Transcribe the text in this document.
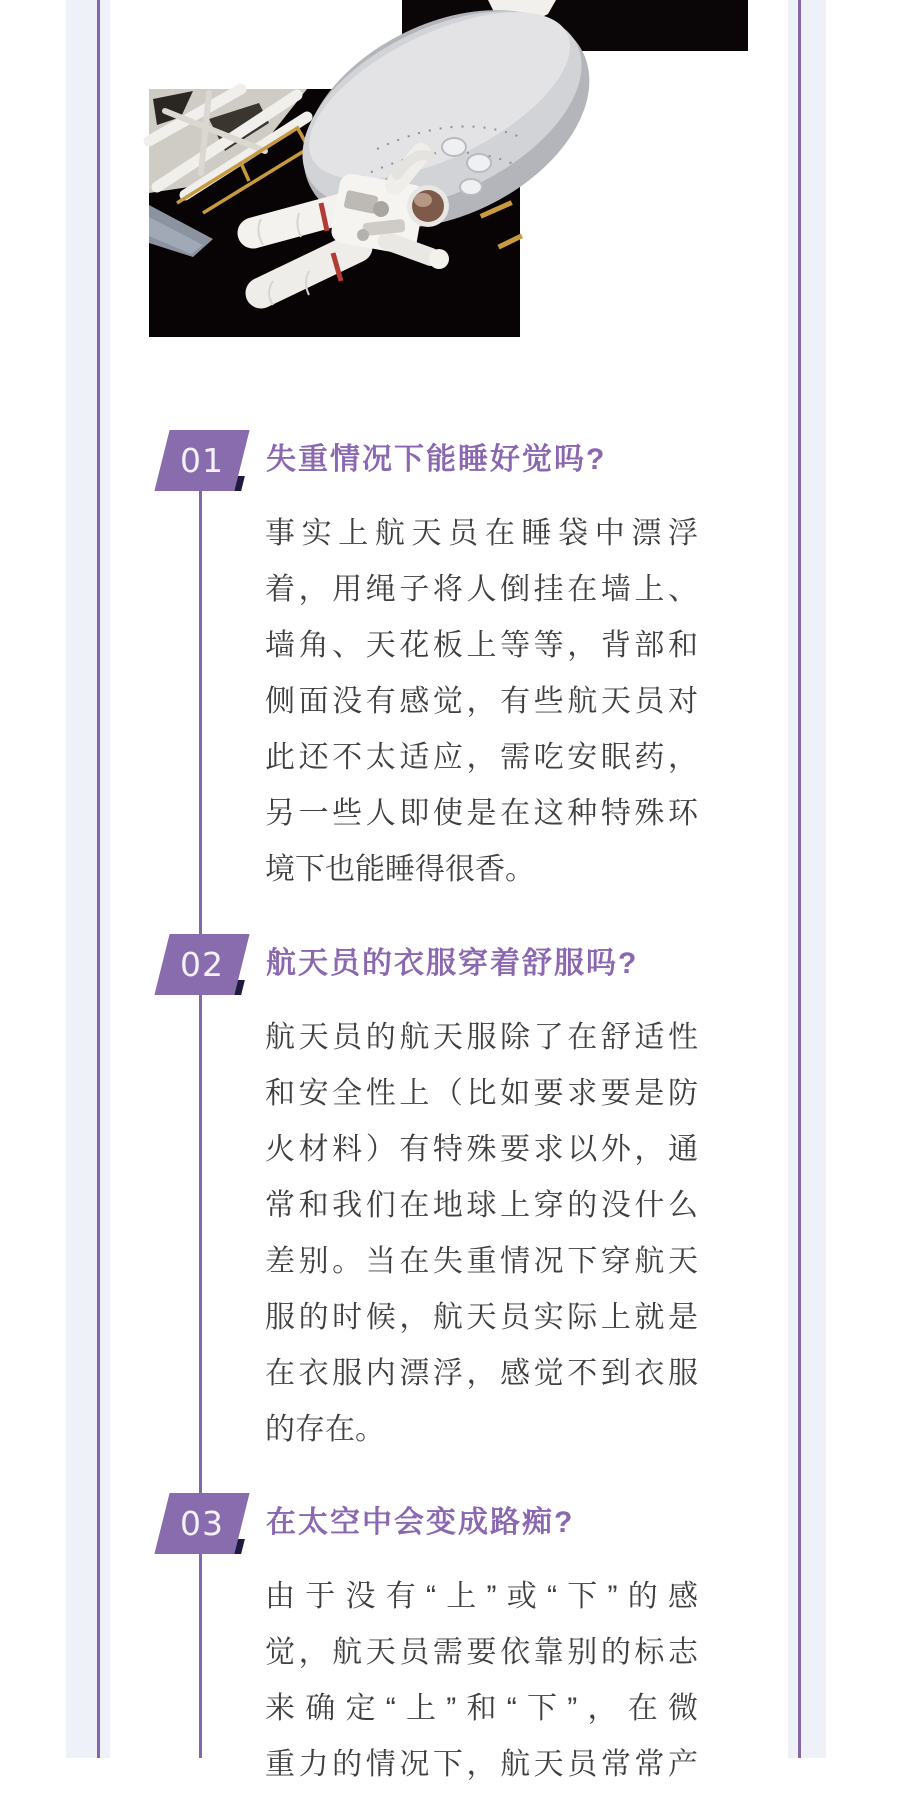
01 失重情况下能睡好觉吗?
事实上航天员在睡袋中漂浮
着，用绳子将人倒挂在墙上、
墙角、天花板上等等，背部和
侧面没有感觉，有些航天员对
此还不太适应，需吃安眠药，
另一些人即使是在这种特殊环
境下也能睡得很香。
02 航天员的衣服穿着舒服吗?
航天员的航天服除了在舒适性
和安全性上（比如要求要是防
火材料）有特殊要求以外，通
常和我们在地球上穿的没什么
差别。当在失重情况下穿航天
服的时候，航天员实际上就是
在衣服内漂浮，感觉不到衣服
的存在。
03 在太空中会变成路痴?
由于没有“上”或“下”的感
觉，航天员需要依靠别的标志
来确定“上”和“下”，在微
重力的情况下，航天员常常产
